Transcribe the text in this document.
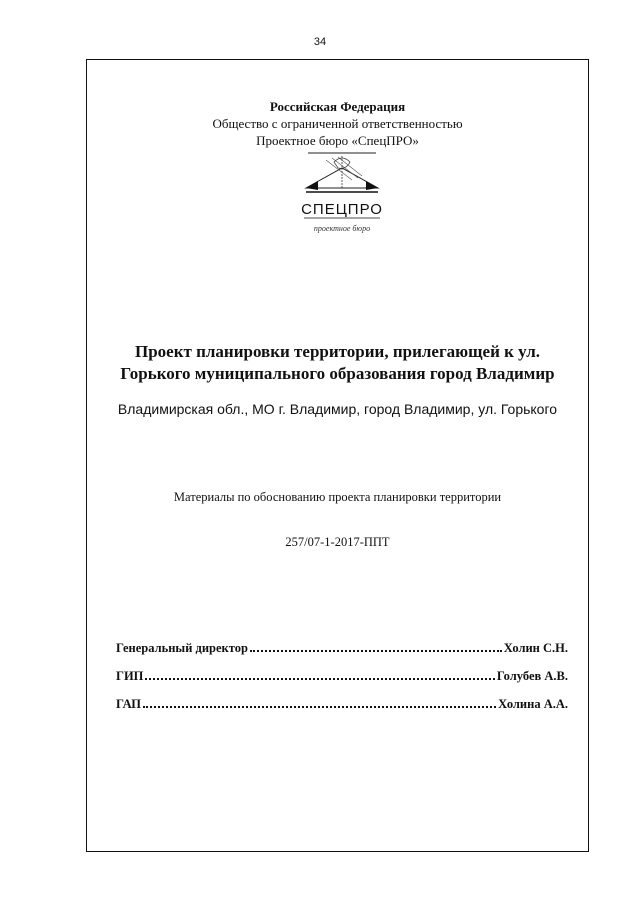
34
Российская Федерация
Общество с ограниченной ответственностью
Проектное бюро «СпецПРО»
СПЕЦПРО
проектное бюро
Проект планировки территории, прилегающей к ул.
Горького муниципального образования город Владимир
Владимирская обл., МО г. Владимир, город Владимир, ул. Горького
Материалы по обоснованию проекта планировки территории
257/07-1-2017-ППТ
Генеральный директор	Холин С.Н.
ГИП	Голубев А.В.
ГАП	Холина А.А.
